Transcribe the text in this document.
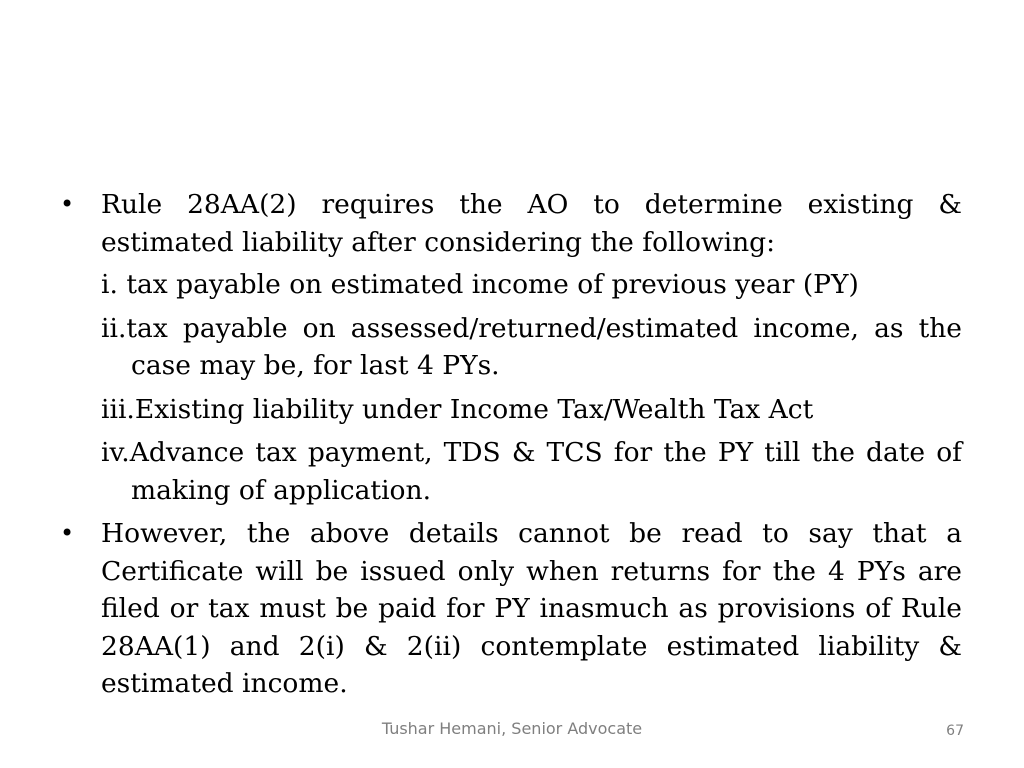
• Rule 28AA(2) requires the AO to determine existing & estimated liability after considering the following:
i. tax payable on estimated income of previous year (PY)
ii.tax payable on assessed/returned/estimated income, as the case may be, for last 4 PYs.
iii.Existing liability under Income Tax/Wealth Tax Act
iv.Advance tax payment, TDS & TCS for the PY till the date of making of application.
• However, the above details cannot be read to say that a Certificate will be issued only when returns for the 4 PYs are filed or tax must be paid for PY inasmuch as provisions of Rule 28AA(1) and 2(i) & 2(ii) contemplate estimated liability & estimated income.
Tushar Hemani, Senior Advocate	67
